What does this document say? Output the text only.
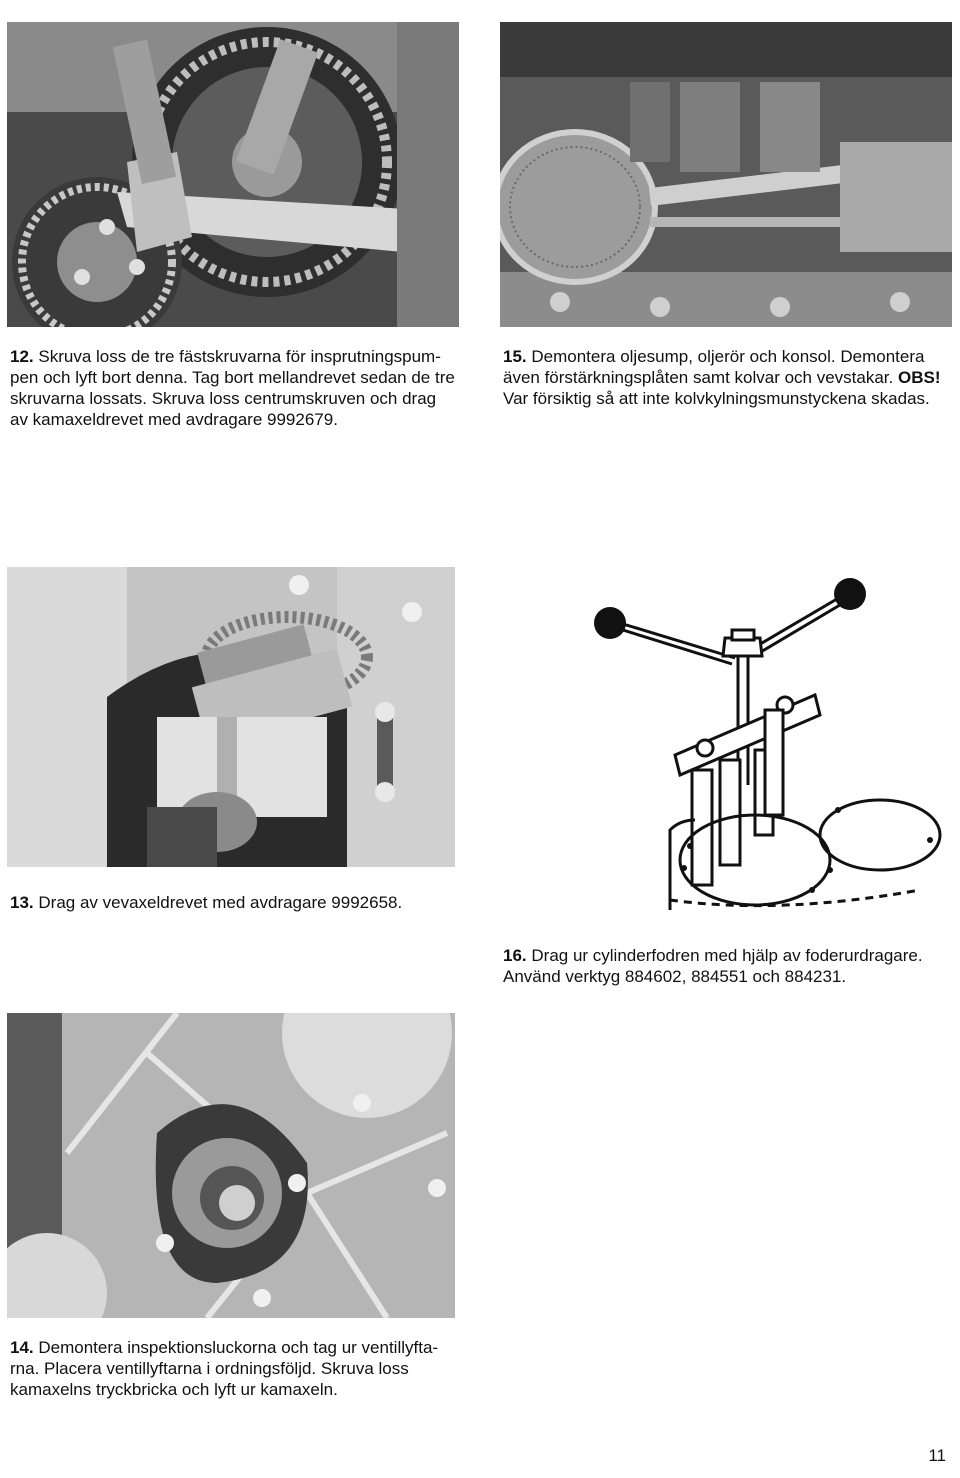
12. Skruva loss de tre fästskruvarna för insprutningspum-pen och lyft bort denna. Tag bort mellandrevet sedan de tre skruvarna lossats. Skruva loss centrumskruven och drag av kamaxeldrevet med avdragare 9992679.
15. Demontera oljesump, oljerör och konsol. Demontera även förstärkningsplåten samt kolvar och vevstakar. OBS! Var försiktig så att inte kolvkylningsmunstyckena skadas.
13. Drag av vevaxeldrevet med avdragare 9992658.
16. Drag ur cylinderfodren med hjälp av foderurdragare. Använd verktyg 884602, 884551 och 884231.
14. Demontera inspektionsluckorna och tag ur ventillyfta-rna. Placera ventillyftarna i ordningsföljd. Skruva loss kamaxelns tryckbricka och lyft ur kamaxeln.
11
